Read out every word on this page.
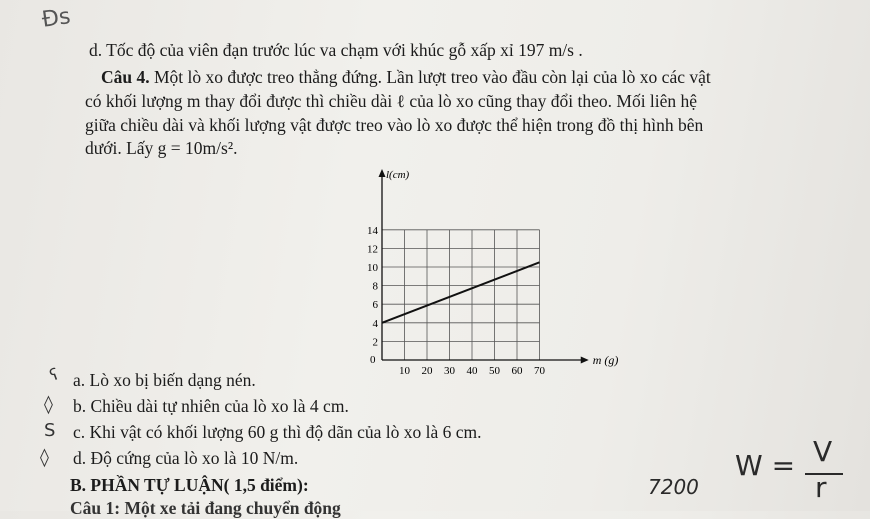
Đs
d. Tốc độ của viên đạn trước lúc va chạm với khúc gỗ xấp xỉ 197 m/s .
Câu 4. Một lò xo được treo thẳng đứng. Lần lượt treo vào đầu còn lại của lò xo các vật
có khối lượng m thay đổi được thì chiều dài ℓ của lò xo cũng thay đổi theo. Mối liên hệ
giữa chiều dài và khối lượng vật được treo vào lò xo được thể hiện trong đồ thị hình bên
dưới. Lấy g = 10m/s².
10 20 30 40 50 60 70
2
4
6
8
10
12
14
l(cm)
m (g)
0
ʕ a. Lò xo bị biến dạng nén.
◊ b. Chiều dài tự nhiên của lò xo là 4 cm.
S c. Khi vật có khối lượng 60 g thì độ dãn của lò xo là 6 cm.
◊ d. Độ cứng của lò xo là 10 N/m.
B. PHẦN TỰ LUẬN( 1,5 điểm):
Câu 1: Một xe tải đang chuyển động
7200
W = V
r
